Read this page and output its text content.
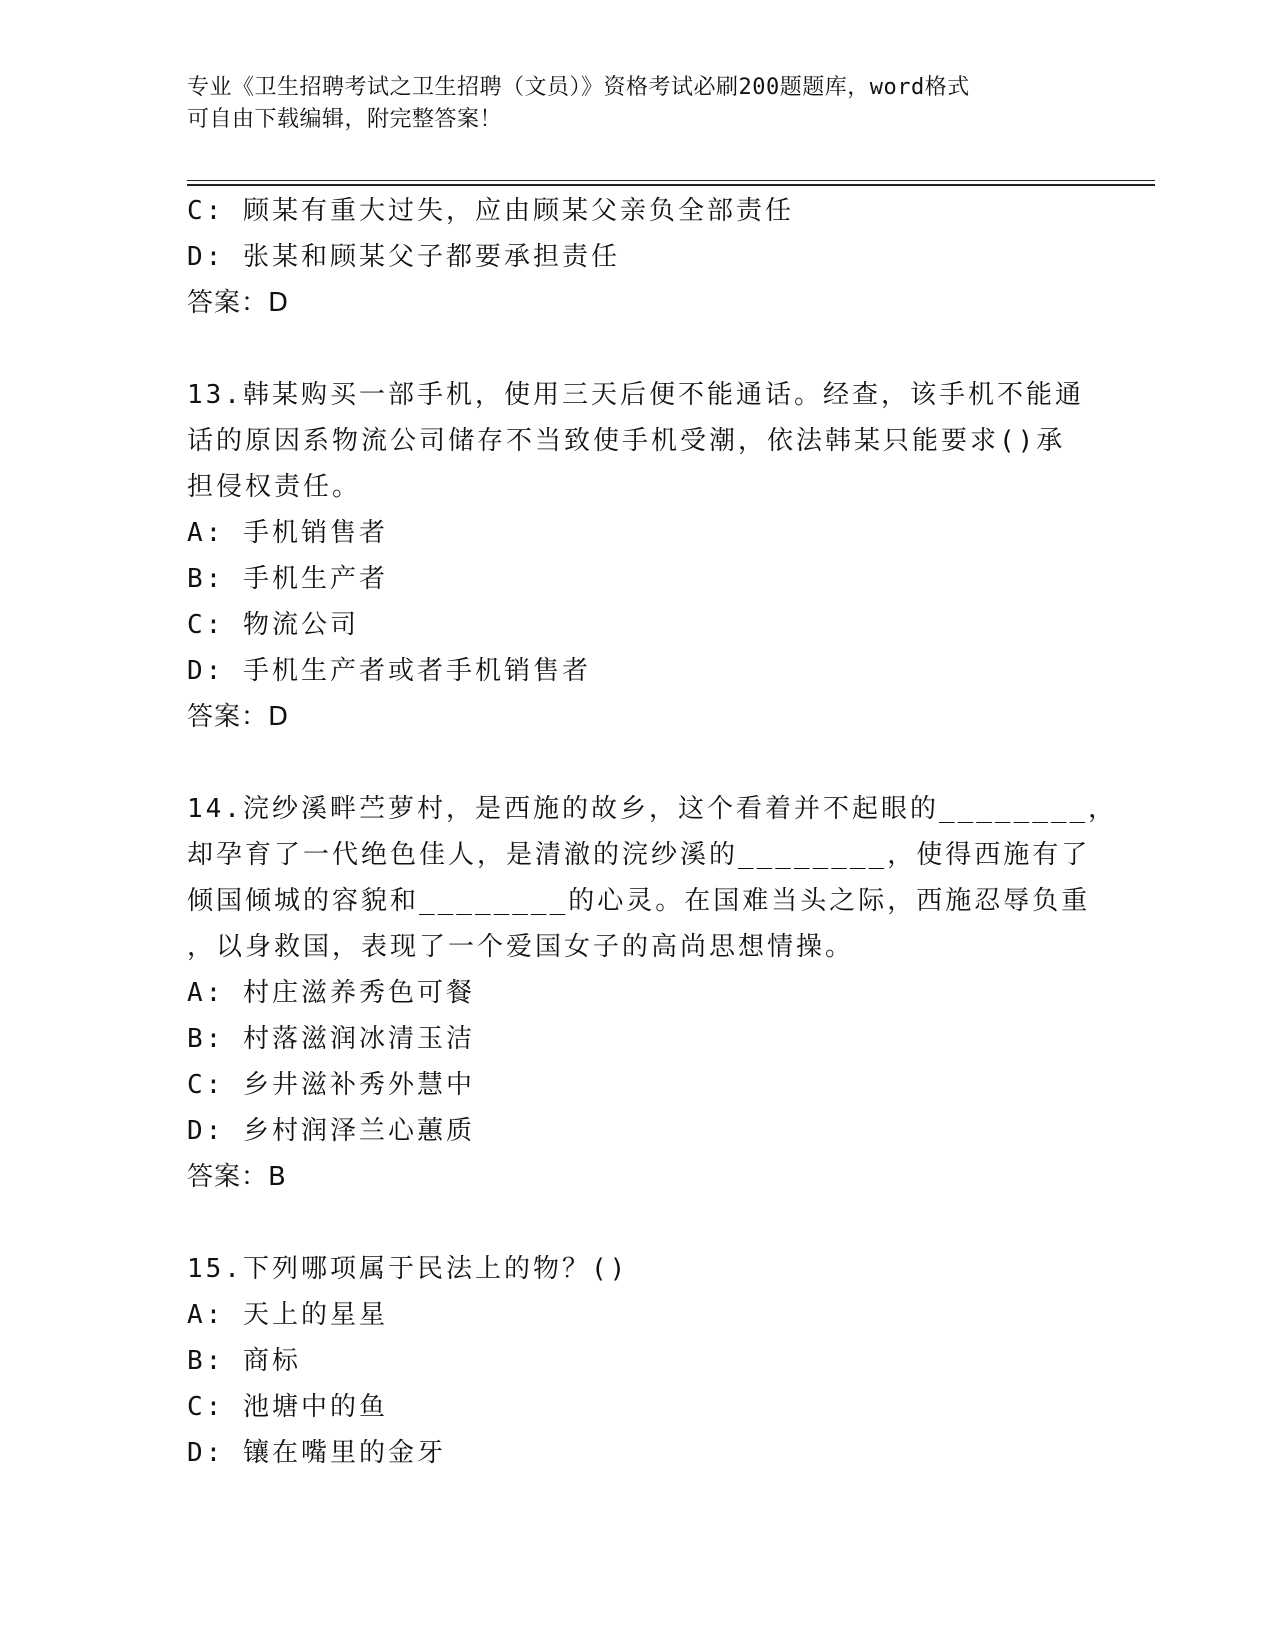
专业《卫生招聘考试之卫生招聘（文员）》资格考试必刷200题题库，word格式
可自由下载编辑，附完整答案！
C: 顾某有重大过失，应由顾某父亲负全部责任
D: 张某和顾某父子都要承担责任
答案：D
13.韩某购买一部手机，使用三天后便不能通话。经查，该手机不能通
话的原因系物流公司储存不当致使手机受潮，依法韩某只能要求()承
担侵权责任。
A: 手机销售者
B: 手机生产者
C: 物流公司
D: 手机生产者或者手机销售者
答案：D
14.浣纱溪畔苎萝村，是西施的故乡，这个看着并不起眼的________，
却孕育了一代绝色佳人，是清澈的浣纱溪的________，使得西施有了
倾国倾城的容貌和________的心灵。在国难当头之际，西施忍辱负重
，以身救国，表现了一个爱国女子的高尚思想情操。
A: 村庄滋养秀色可餐
B: 村落滋润冰清玉洁
C: 乡井滋补秀外慧中
D: 乡村润泽兰心蕙质
答案：B
15.下列哪项属于民法上的物？()
A: 天上的星星
B: 商标
C: 池塘中的鱼
D: 镶在嘴里的金牙
